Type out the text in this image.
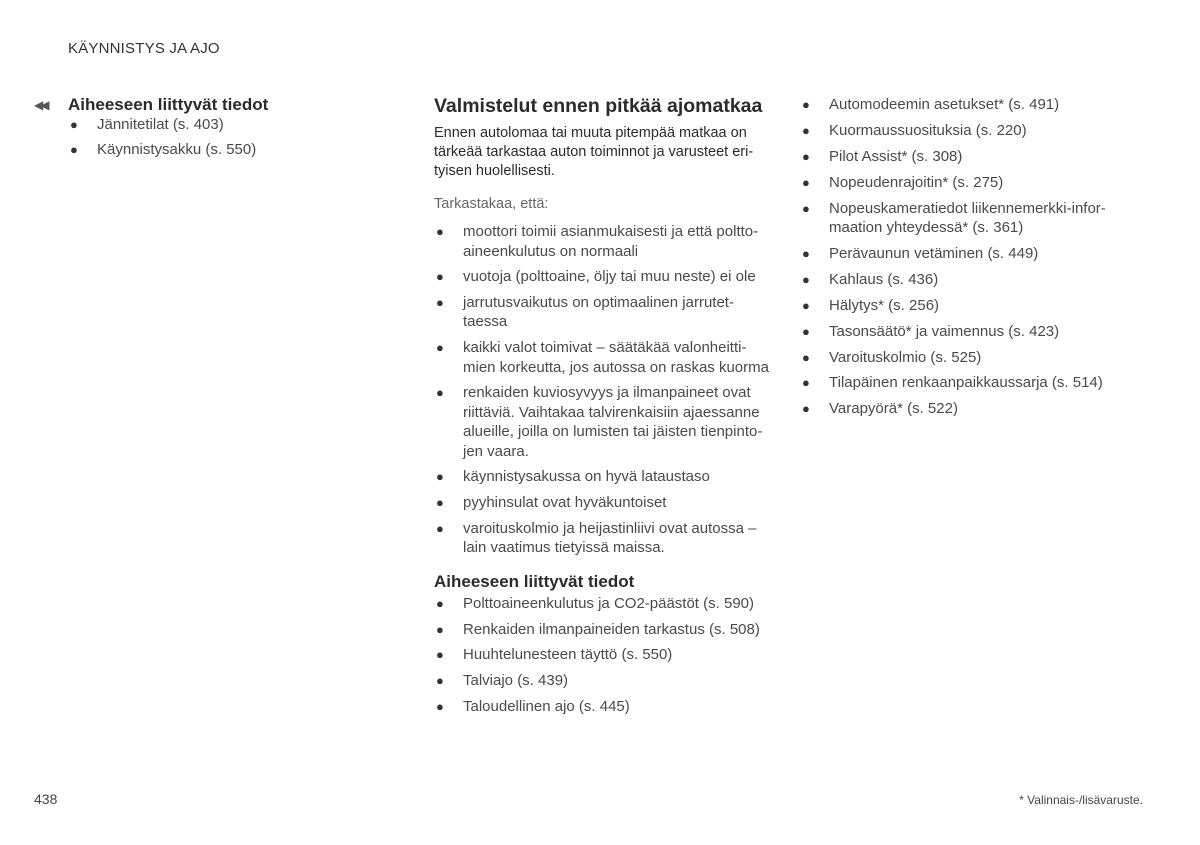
KÄYNNISTYS JA AJO
◀◀	Aiheeseen liittyvät tiedot
● Jännitetilat (s. 403)
● Käynnistysakku (s. 550)
Valmistelut ennen pitkää ajomatkaa

Ennen autolomaa tai muuta pitempää matkaa on tärkeää tarkastaa auton toiminnot ja varusteet eri-tyisen huolellisesti.

Tarkastakaa, että:

● moottori toimii asianmukaisesti ja että poltto-aineenkulutus on normaali
● vuotoja (polttoaine, öljy tai muu neste) ei ole
● jarrutusvaikutus on optimaalinen jarrutet-taessa
● kaikki valot toimivat – säätäkää valonheitti-mien korkeutta, jos autossa on raskas kuorma
● renkaiden kuviosyvyys ja ilmanpaineet ovat riittäviä. Vaihtakaa talvirenkaisiin ajaessanne alueille, joilla on lumisten tai jäisten tienpinto-jen vaara.
● käynnistysakussa on hyvä lataustaso
● pyyhinsulat ovat hyväkuntoiset
● varoituskolmio ja heijastinliivi ovat autossa – lain vaatimus tietyissä maissa.
Aiheeseen liittyvät tiedot
● Polttoaineenkulutus ja CO2-päästöt (s. 590)
● Renkaiden ilmanpaineiden tarkastus (s. 508)
● Huuhtelunesteen täyttö (s. 550)
● Talviajo (s. 439)
● Taloudellinen ajo (s. 445)
● Automodeemin asetukset* (s. 491)
● Kuormaussuosituksia (s. 220)
● Pilot Assist* (s. 308)
● Nopeudenrajoitin* (s. 275)
● Nopeuskameratiedot liikennemerkki-infor-maation yhteydessä* (s. 361)
● Perävaunun vetäminen (s. 449)
● Kahlaus (s. 436)
● Hälytys* (s. 256)
● Tasonsäätö* ja vaimennus (s. 423)
● Varoituskolmio (s. 525)
● Tilapäinen renkaanpaikkaussarja (s. 514)
● Varapyörä* (s. 522)
438	* Valinnais-/lisävaruste.
